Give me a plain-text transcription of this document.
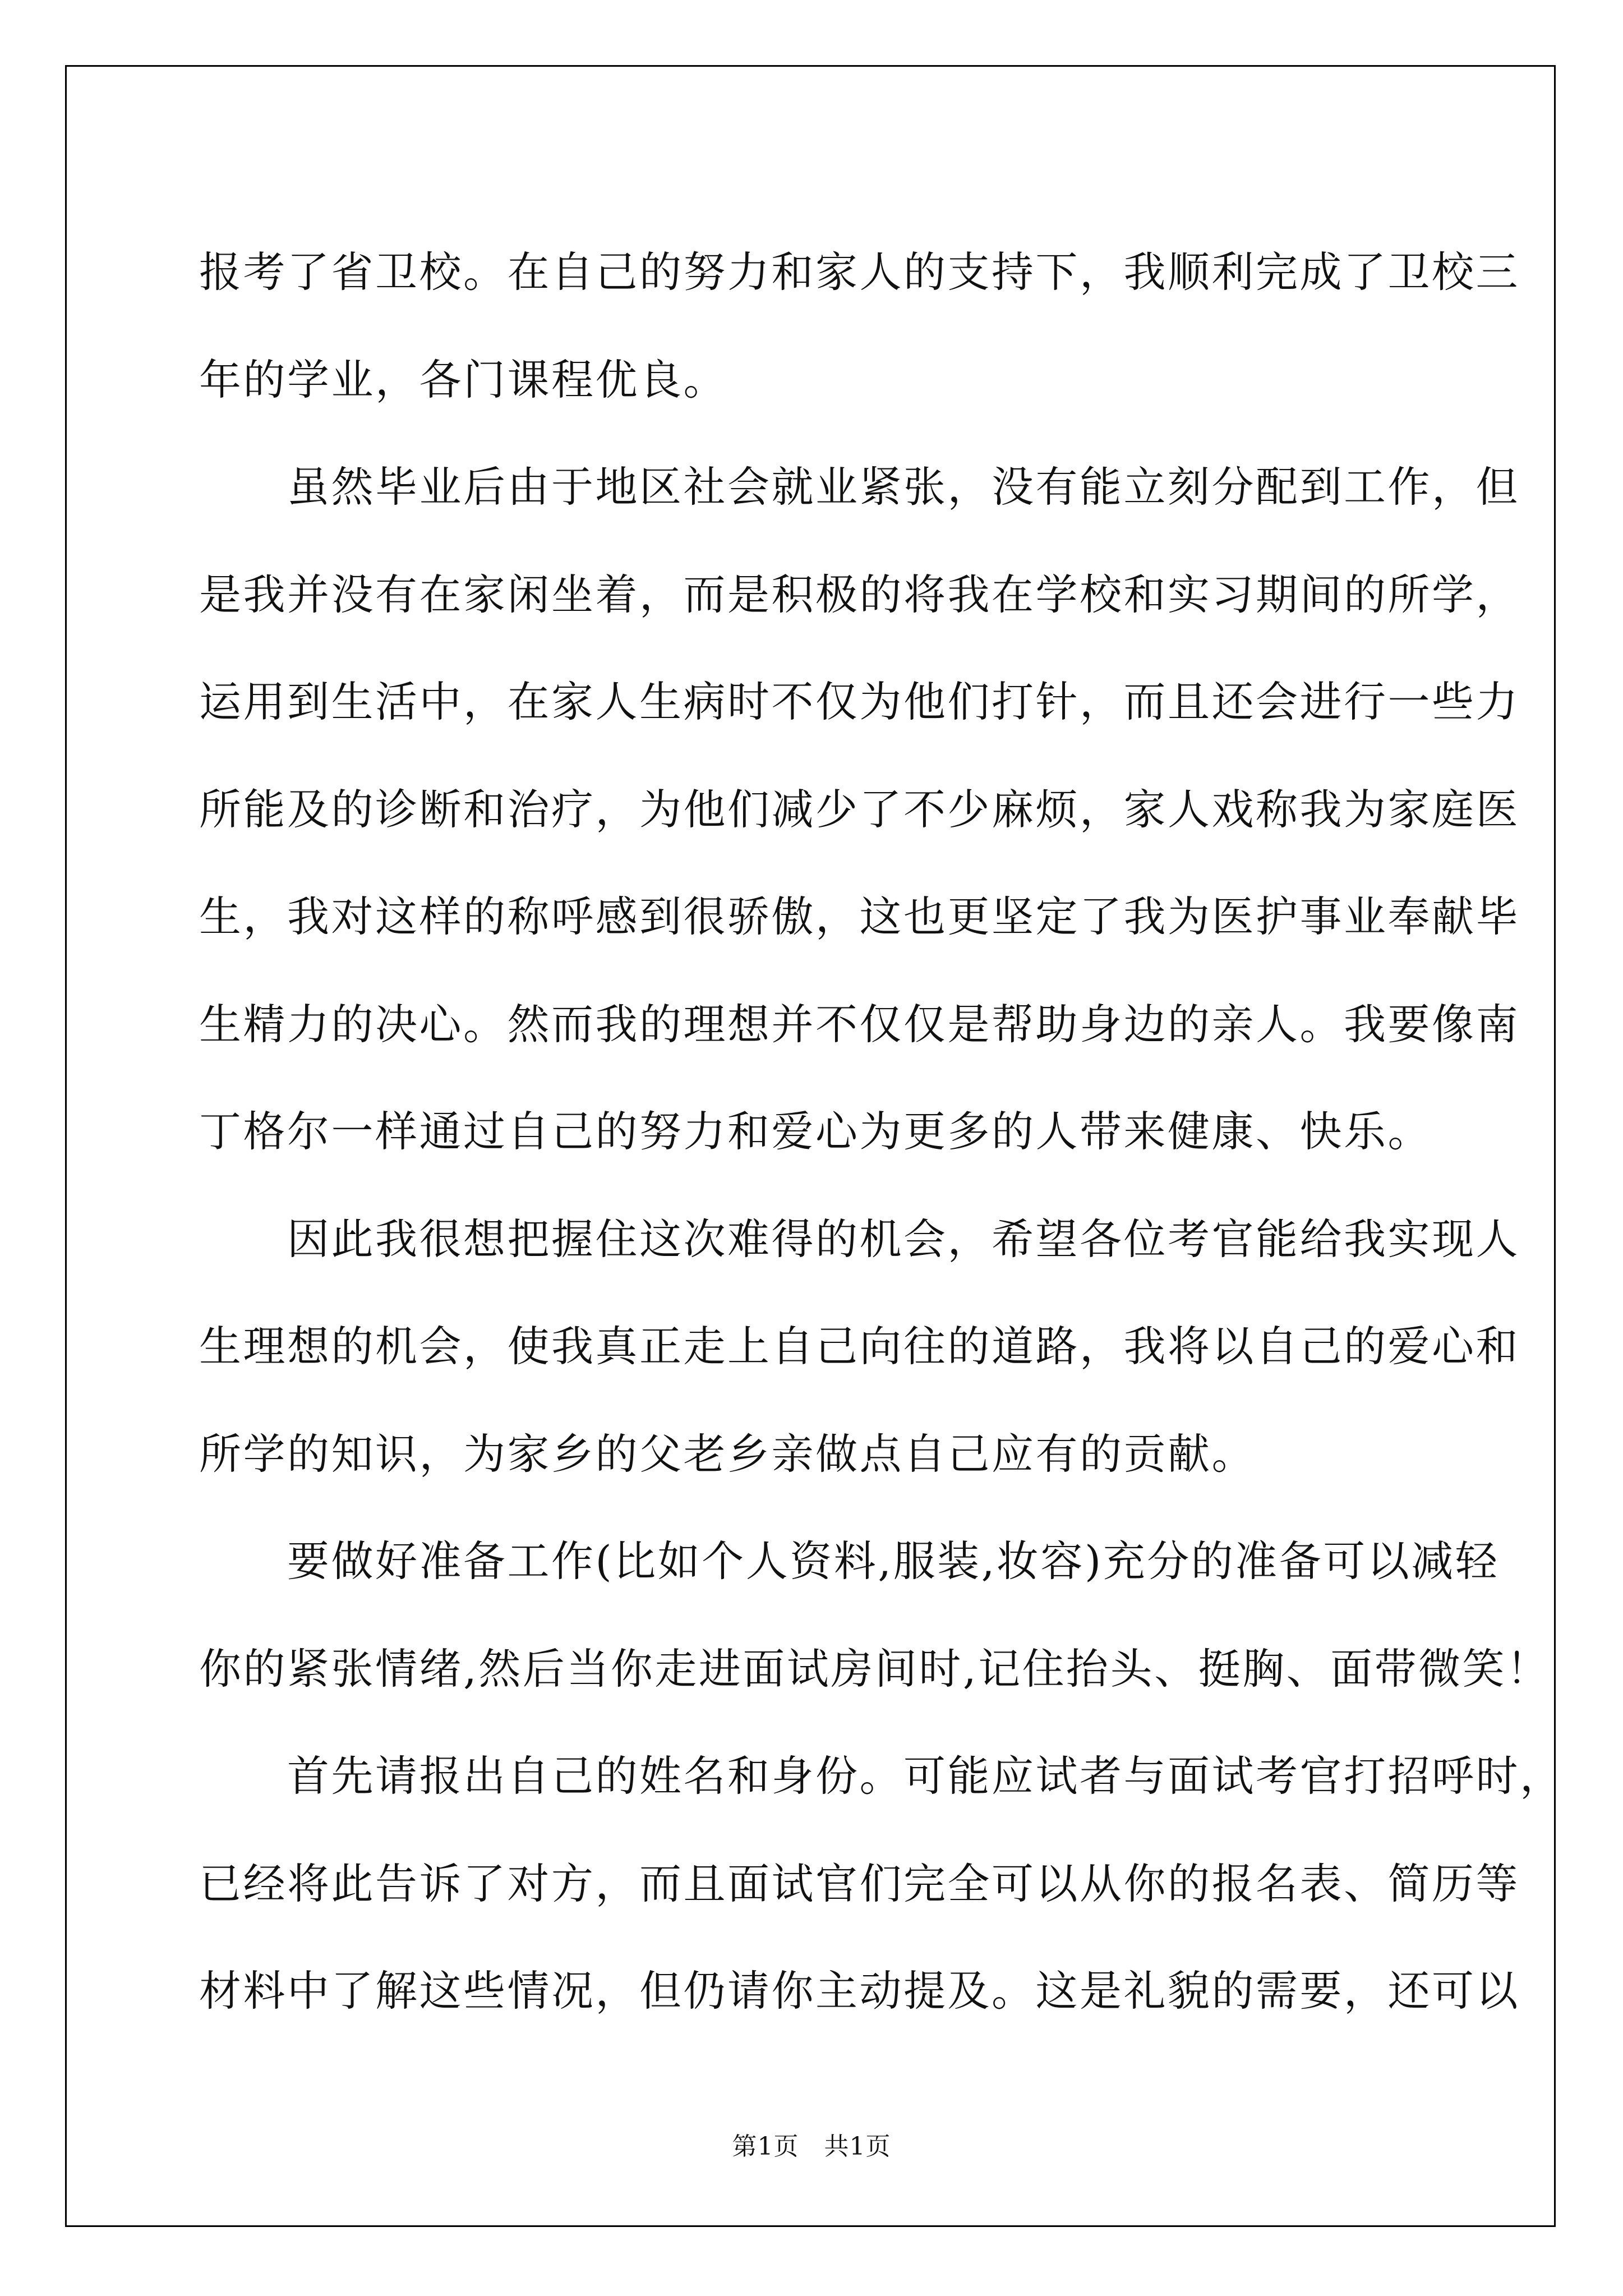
报考了省卫校。在自己的努力和家人的支持下，我顺利完成了卫校三

年的学业，各门课程优良。

　　虽然毕业后由于地区社会就业紧张，没有能立刻分配到工作，但

是我并没有在家闲坐着，而是积极的将我在学校和实习期间的所学，

运用到生活中，在家人生病时不仅为他们打针，而且还会进行一些力

所能及的诊断和治疗，为他们减少了不少麻烦，家人戏称我为家庭医

生，我对这样的称呼感到很骄傲，这也更坚定了我为医护事业奉献毕

生精力的决心。然而我的理想并不仅仅是帮助身边的亲人。我要像南

丁格尔一样通过自己的努力和爱心为更多的人带来健康、快乐。

　　因此我很想把握住这次难得的机会，希望各位考官能给我实现人

生理想的机会，使我真正走上自己向往的道路，我将以自己的爱心和

所学的知识，为家乡的父老乡亲做点自己应有的贡献。

　　要做好准备工作(比如个人资料,服装,妆容)充分的准备可以减轻

你的紧张情绪,然后当你走进面试房间时,记住抬头、挺胸、面带微笑！

　　首先请报出自己的姓名和身份。可能应试者与面试考官打招呼时，

已经将此告诉了对方，而且面试官们完全可以从你的报名表、简历等

材料中了解这些情况，但仍请你主动提及。这是礼貌的需要，还可以

第1页　共1页
